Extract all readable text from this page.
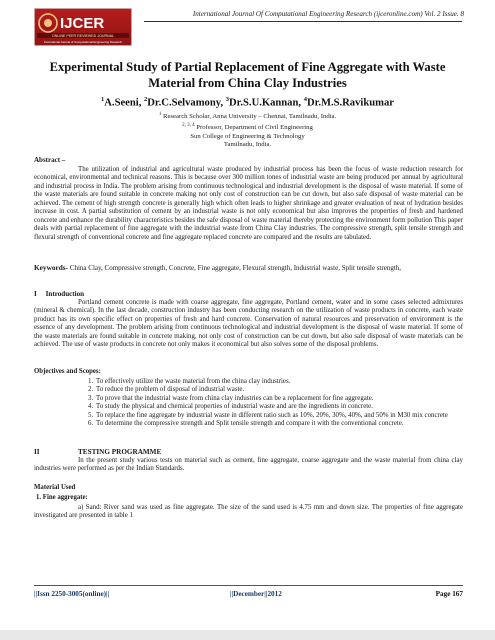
IJCER
ONLINE PEER REVIEWED JOURNAL
International Journal of Computational Engineering Research
International Journal Of Computational Engineering Research (ijceronline.com) Vol. 2 Issue. 8
Experimental Study of Partial Replacement of Fine Aggregate with Waste Material from China Clay Industries
$^1$A.Seeni, $^2$Dr.C.Selvamony, $^3$Dr.S.U.Kannan, $^4$Dr.M.S.Ravikumar
$^1$ Research Scholar, Anna University – Chennai, Tamilnadu, India.
$^{2, 3, 4}$ Professor, Department of Civil Engineering
Sun College of Engineering & Technology
Tamilnadu, India.
Abstract –
The utilization of industrial and agricultural waste produced by industrial process has been the focus of waste reduction research for economical, environmental and technical reasons. This is because over 300 million tones of industrial waste are being produced per annual by agricultural and industrial process in India. The problem arising from continuous technological and industrial development is the disposal of waste material. If some of the waste materials are found suitable in concrete making not only cost of construction can be cut down, but also safe disposal of waste material can be achieved. The cement of high strength concrete is generally high which often leads to higher shrinkage and greater evaluation of neat of hydration besides increase in cost. A partial substitution of cement by an industrial waste is not only economical but also improves the properties of fresh and hardened concrete and enhance the durability characteristics besides the safe disposal of waste material thereby protecting the environment form pollution This paper deals with partial replacement of fine aggregate with the industrial waste from China Clay industries. The compressive strength, split tensile strength and flexural strength of conventional concrete and fine aggregate replaced concrete are compared and the results are tabulated.
Keywords- China Clay, Compressive strength, Concrete, Fine aggregate, Flexural strength, Industrial waste, Split tensile strength,
I     Introduction
Portland cement concrete is made with coarse aggregate, fine aggregate, Portland cement, water and in some cases selected admixtures (mineral & chemical). In the last decade, construction industry has been conducting research on the utilization of waste products in concrete, each waste product has its own specific effect on properties of fresh and hard concrete. Conservation of natural resources and preservation of environment is the essence of any development. The problem arising from continuous technological and industrial development is the disposal of waste material. If some of the waste materials are found suitable in concrete making, not only cost of construction can be cut down, but also safe disposal of waste materials can be achieved. The use of waste products in concrete not only makes it economical but also solves some of the disposal problems.
Objectives and Scopes:
1. To effectively utilize the waste material from the china clay industries.
2. To reduce the problem of disposal of industrial waste.
3. To prove that the industrial waste from china clay industries can be a replacement for fine aggregate.
4. To study the physical and chemical properties of industrial waste and are the ingredients in concrete.
5. To replace the fine aggregate by industrial waste in different ratio such as 10%, 20%, 30%, 40%, and 50% in M30 mix concrete
6. To determine the compressive strength and Split tensile strength and compare it with the conventional concrete.
II	TESTING PROGRAMME
In the present study various tests on material such as cement, fine aggregate, coarse aggregate and the waste material from china clay industries were performed as per the Indian Standards.
Material Used
1. Fine aggregate:
a) Sand: River sand was used as fine aggregate. The size of the sand used is 4.75 mm and down size. The properties of fine aggregate investigated are presented in table 1
||Issn 2250-3005(online)||	||December||2012	Page 167
